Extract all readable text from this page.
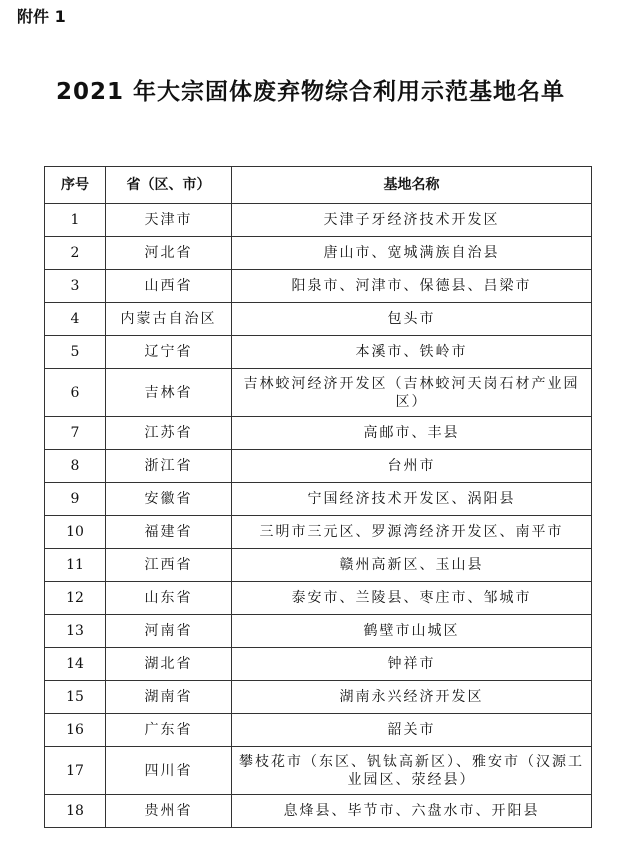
附件 1
2021 年大宗固体废弃物综合利用示范基地名单
序号	省（区、市）	基地名称
1	天津市	天津子牙经济技术开发区
2	河北省	唐山市、宽城满族自治县
3	山西省	阳泉市、河津市、保德县、吕梁市
4	内蒙古自治区	包头市
5	辽宁省	本溪市、铁岭市
6	吉林省	吉林蛟河经济开发区（吉林蛟河天岗石材产业园区）
7	江苏省	高邮市、丰县
8	浙江省	台州市
9	安徽省	宁国经济技术开发区、涡阳县
10	福建省	三明市三元区、罗源湾经济开发区、南平市
11	江西省	赣州高新区、玉山县
12	山东省	泰安市、兰陵县、枣庄市、邹城市
13	河南省	鹤壁市山城区
14	湖北省	钟祥市
15	湖南省	湖南永兴经济开发区
16	广东省	韶关市
17	四川省	攀枝花市（东区、钒钛高新区）、雅安市（汉源工业园区、荥经县）
18	贵州省	息烽县、毕节市、六盘水市、开阳县
